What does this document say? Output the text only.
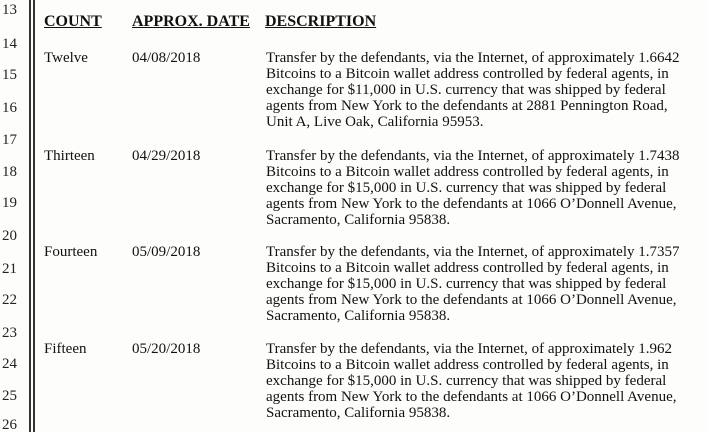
13
14
15
16
17
18
19
20
21
22
23
24
25
26
COUNT APPROX. DATE DESCRIPTION
Twelve	04/08/2018	Transfer by the defendants, via the Internet, of approximately 1.6642 Bitcoins to a Bitcoin wallet address controlled by federal agents, in exchange for $11,000 in U.S. currency that was shipped by federal agents from New York to the defendants at 2881 Pennington Road, Unit A, Live Oak, California 95953.
Thirteen 04/29/2018	Transfer by the defendants, via the Internet, of approximately 1.7438 Bitcoins to a Bitcoin wallet address controlled by federal agents, in exchange for $15,000 in U.S. currency that was shipped by federal agents from New York to the defendants at 1066 O’Donnell Avenue, Sacramento, California 95838.
Fourteen 05/09/2018	Transfer by the defendants, via the Internet, of approximately 1.7357 Bitcoins to a Bitcoin wallet address controlled by federal agents, in exchange for $15,000 in U.S. currency that was shipped by federal agents from New York to the defendants at 1066 O’Donnell Avenue, Sacramento, California 95838.
Fifteen	05/20/2018	Transfer by the defendants, via the Internet, of approximately 1.962 Bitcoins to a Bitcoin wallet address controlled by federal agents, in exchange for $15,000 in U.S. currency that was shipped by federal agents from New York to the defendants at 1066 O’Donnell Avenue, Sacramento, California 95838.
